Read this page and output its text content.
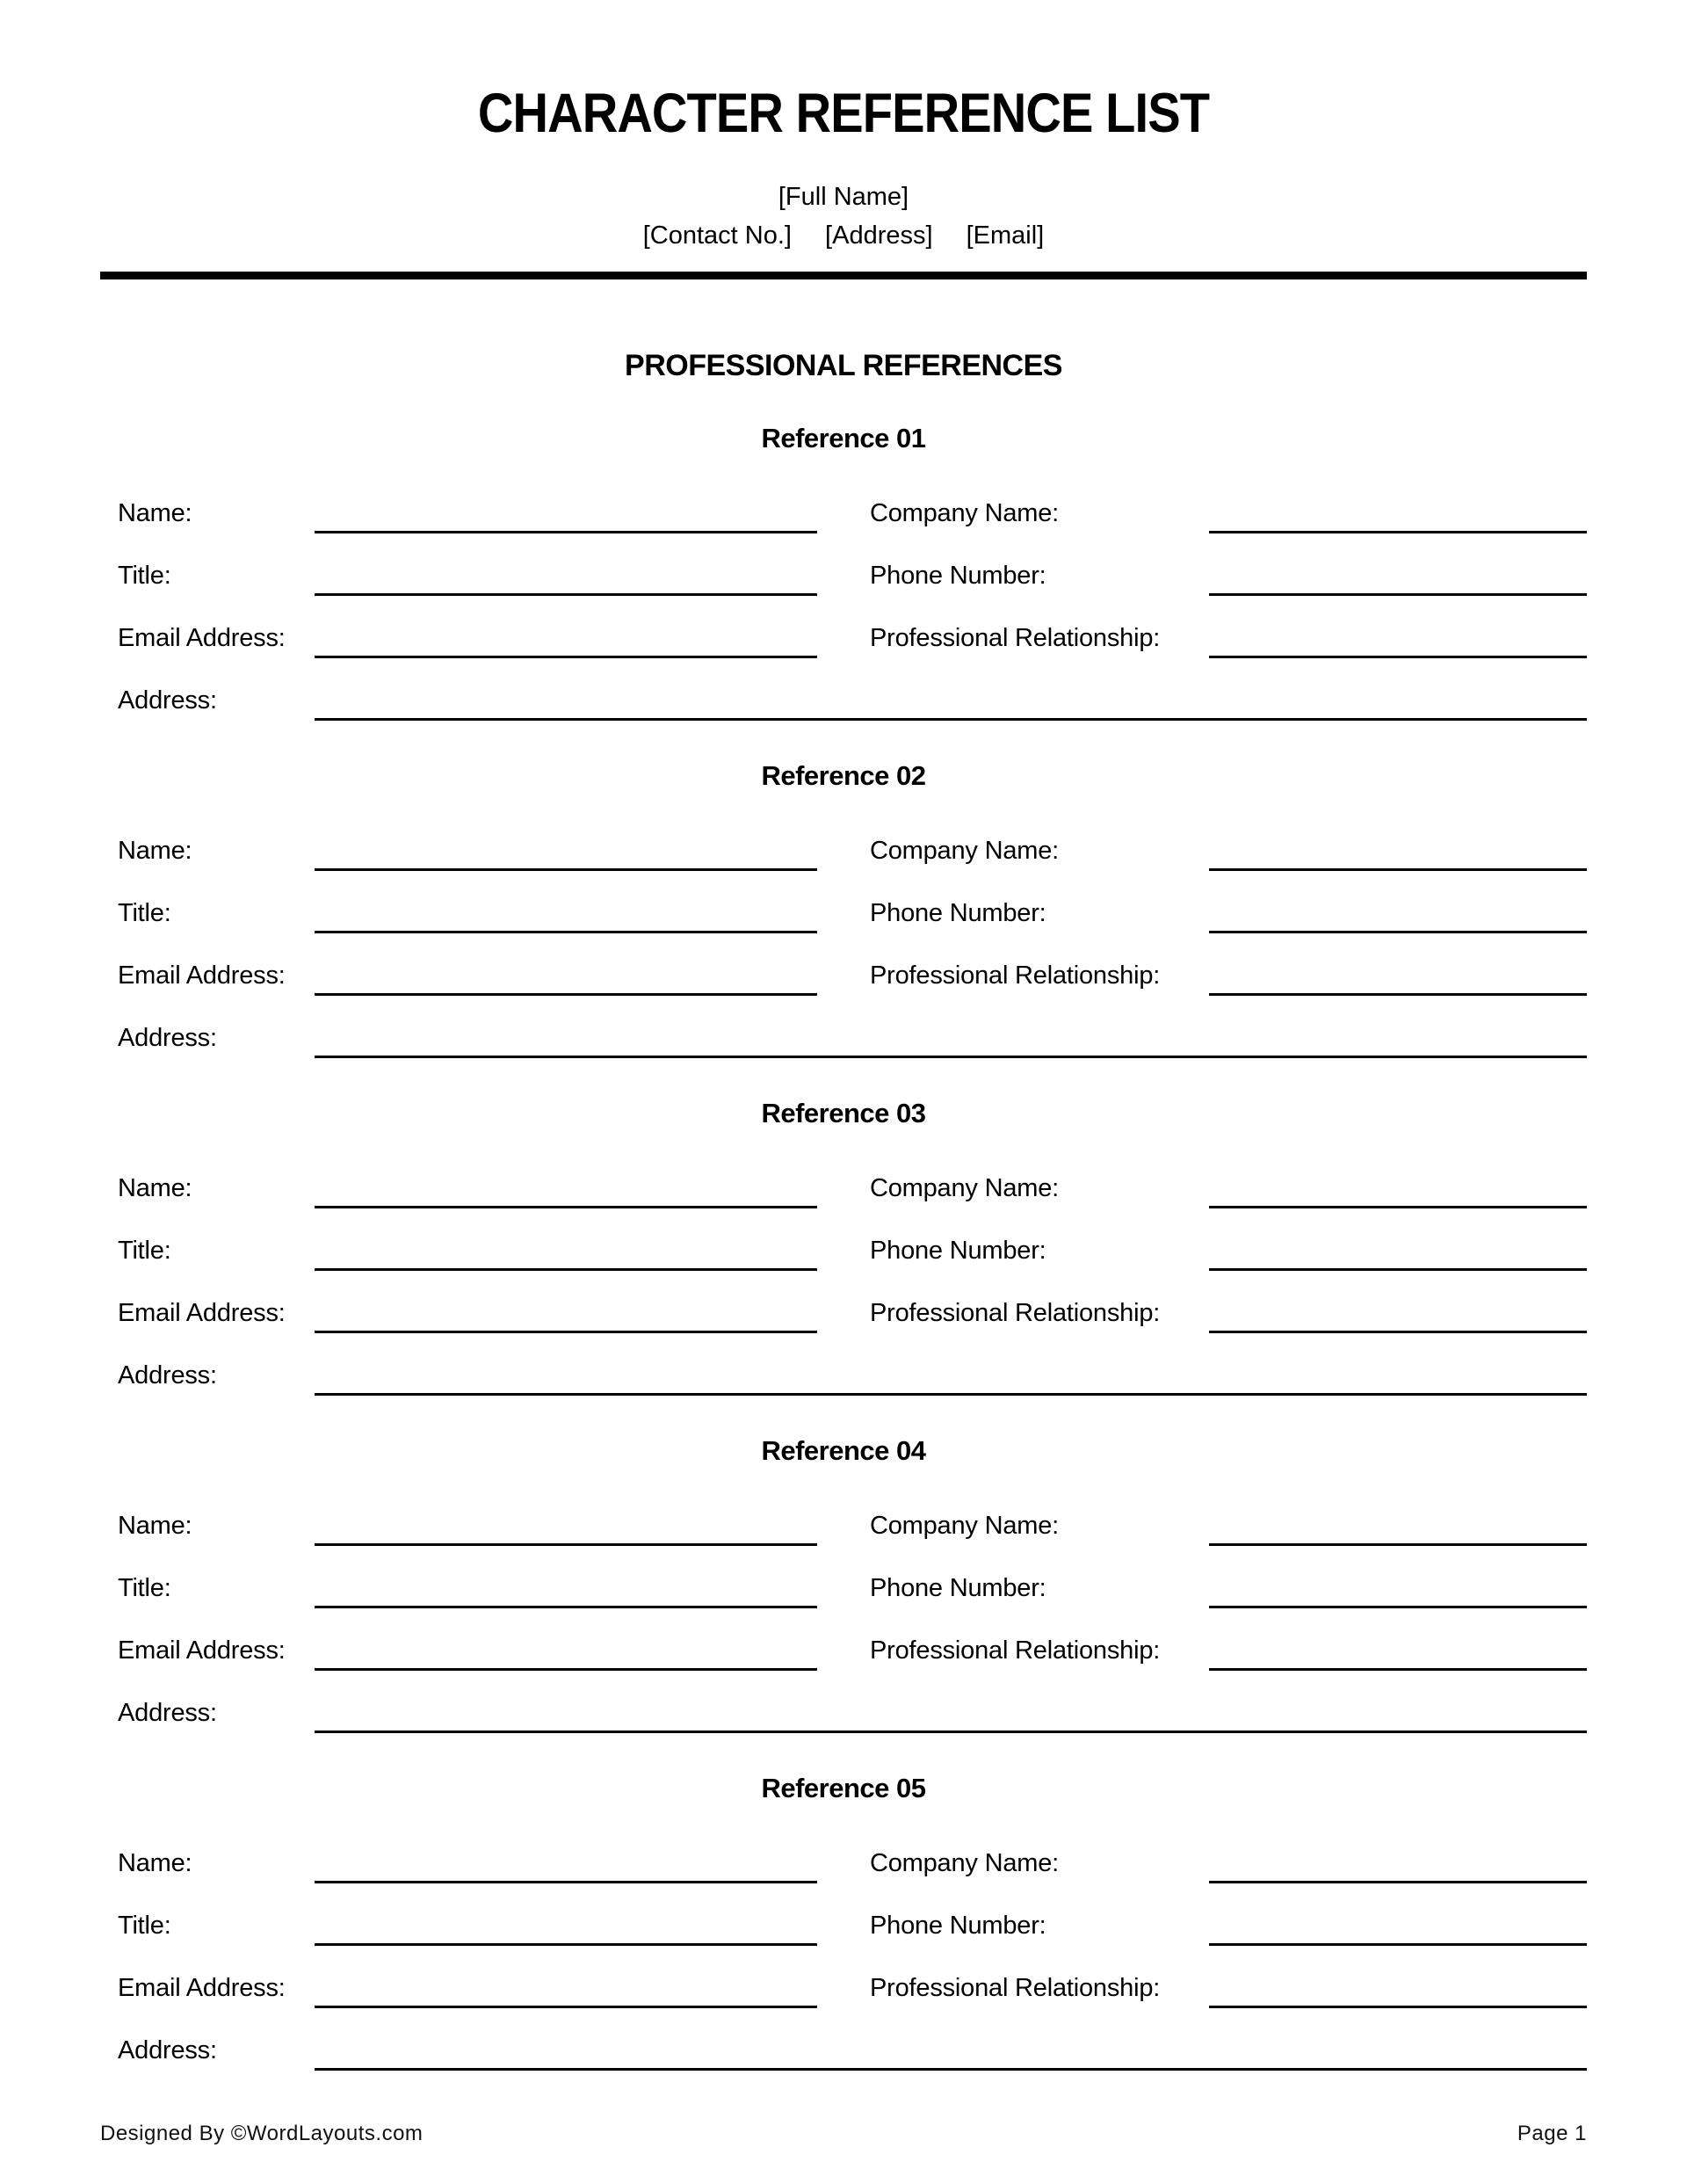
CHARACTER REFERENCE LIST
[Full Name]
[Contact No.] [Address] [Email]
PROFESSIONAL REFERENCES
Reference 01
Name:	Company Name:
Title:	Phone Number:
Email Address:	Professional Relationship:
Address:
Reference 02
Name:	Company Name:
Title:	Phone Number:
Email Address:	Professional Relationship:
Address:
Reference 03
Name:	Company Name:
Title:	Phone Number:
Email Address:	Professional Relationship:
Address:
Reference 04
Name:	Company Name:
Title:	Phone Number:
Email Address:	Professional Relationship:
Address:
Reference 05
Name:	Company Name:
Title:	Phone Number:
Email Address:	Professional Relationship:
Address:
Designed By ©WordLayouts.com	Page 1
